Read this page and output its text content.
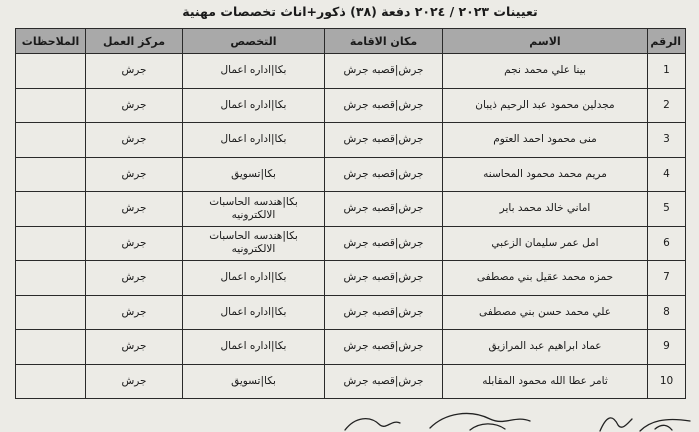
تعيينات ٢٠٢٣ / ٢٠٢٤ دفعة (٣٨) ذكور+اناث تخصصات مهنية
الرقم	الاسم	مكان الاقامة	التخصص	مركز العمل	الملاحظات
1	بينا علي محمد نجم	جرش|قصبه جرش	بكا|اداره اعمال	جرش	
2	مجدلين محمود عبد الرحيم ذيبان	جرش|قصبه جرش	بكا|اداره اعمال	جرش	
3	منى محمود احمد العتوم	جرش|قصبه جرش	بكا|اداره اعمال	جرش	
4	مريم محمد محمود المحاسنه	جرش|قصبه جرش	بكا|تسويق	جرش	
5	اماني خالد محمد باير	جرش|قصبه جرش	بكا|هندسه الحاسبات الالكترونيه	جرش	
6	امل عمر سليمان الزعبي	جرش|قصبه جرش	بكا|هندسه الحاسبات الالكترونيه	جرش	
7	حمزه محمد عقيل بني مصطفى	جرش|قصبه جرش	بكا|اداره اعمال	جرش	
8	علي محمد حسن بني مصطفى	جرش|قصبه جرش	بكا|اداره اعمال	جرش	
9	عماد ابراهيم عبد المرازيق	جرش|قصبه جرش	بكا|اداره اعمال	جرش	
10	ثامر عطا الله محمود المقابله	جرش|قصبه جرش	بكا|تسويق	جرش	
